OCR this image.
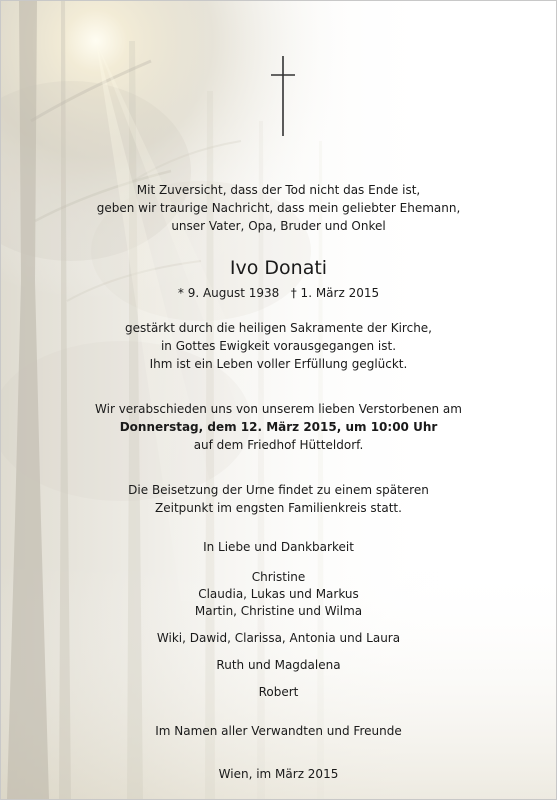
Mit Zuversicht, dass der Tod nicht das Ende ist,
geben wir traurige Nachricht, dass mein geliebter Ehemann,
unser Vater, Opa, Bruder und Onkel
Ivo Donati
* 9. August 1938   † 1. März 2015
gestärkt durch die heiligen Sakramente der Kirche,
in Gottes Ewigkeit vorausgegangen ist.
Ihm ist ein Leben voller Erfüllung geglückt.
Wir verabschieden uns von unserem lieben Verstorbenen am
Donnerstag, dem 12. März 2015, um 10:00 Uhr
auf dem Friedhof Hütteldorf.
Die Beisetzung der Urne findet zu einem späteren
Zeitpunkt im engsten Familienkreis statt.
In Liebe und Dankbarkeit
Christine
Claudia, Lukas und Markus
Martin, Christine und Wilma
Wiki, Dawid, Clarissa, Antonia und Laura
Ruth und Magdalena
Robert
Im Namen aller Verwandten und Freunde
Wien, im März 2015
